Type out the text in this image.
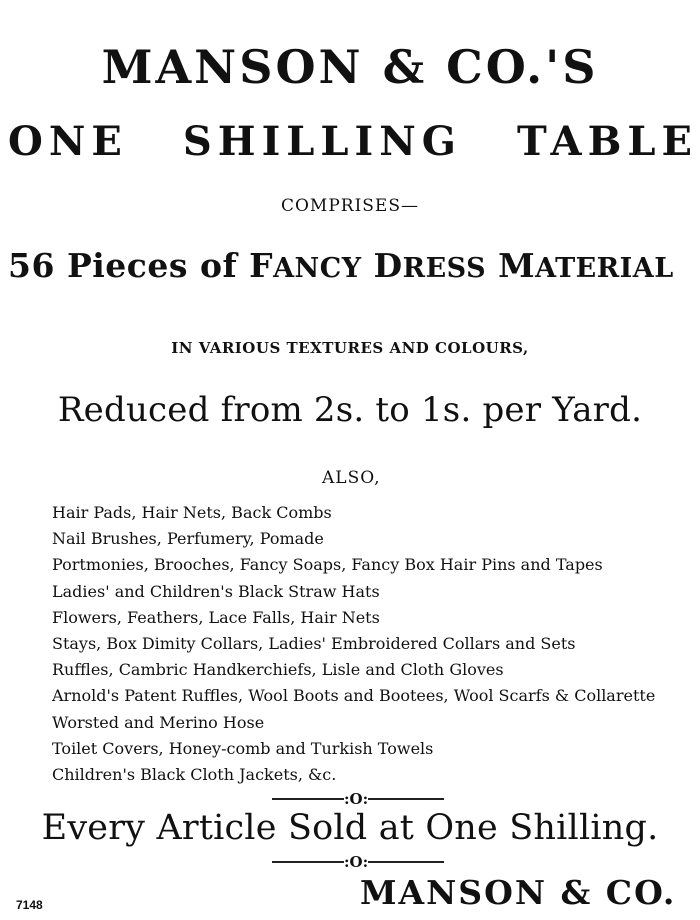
MANSON & CO.'S
ONE SHILLING TABLE
COMPRISES—
56 Pieces of FANCY DRESS MATERIAL
IN VARIOUS TEXTURES AND COLOURS,
Reduced from 2s. to 1s. per Yard.
ALSO,
Hair Pads, Hair Nets, Back Combs
Nail Brushes, Perfumery, Pomade
Portmonies, Brooches, Fancy Soaps, Fancy Box Hair Pins and Tapes
Ladies' and Children's Black Straw Hats
Flowers, Feathers, Lace Falls, Hair Nets
Stays, Box Dimity Collars, Ladies' Embroidered Collars and Sets
Ruffles, Cambric Handkerchiefs, Lisle and Cloth Gloves
Arnold's Patent Ruffles, Wool Boots and Bootees, Wool Scarfs & Collarette
Worsted and Merino Hose
Toilet Covers, Honey-comb and Turkish Towels
Children's Black Cloth Jackets, &c.
:O:
Every Article Sold at One Shilling.
:O:
7148	MANSON & CO.
